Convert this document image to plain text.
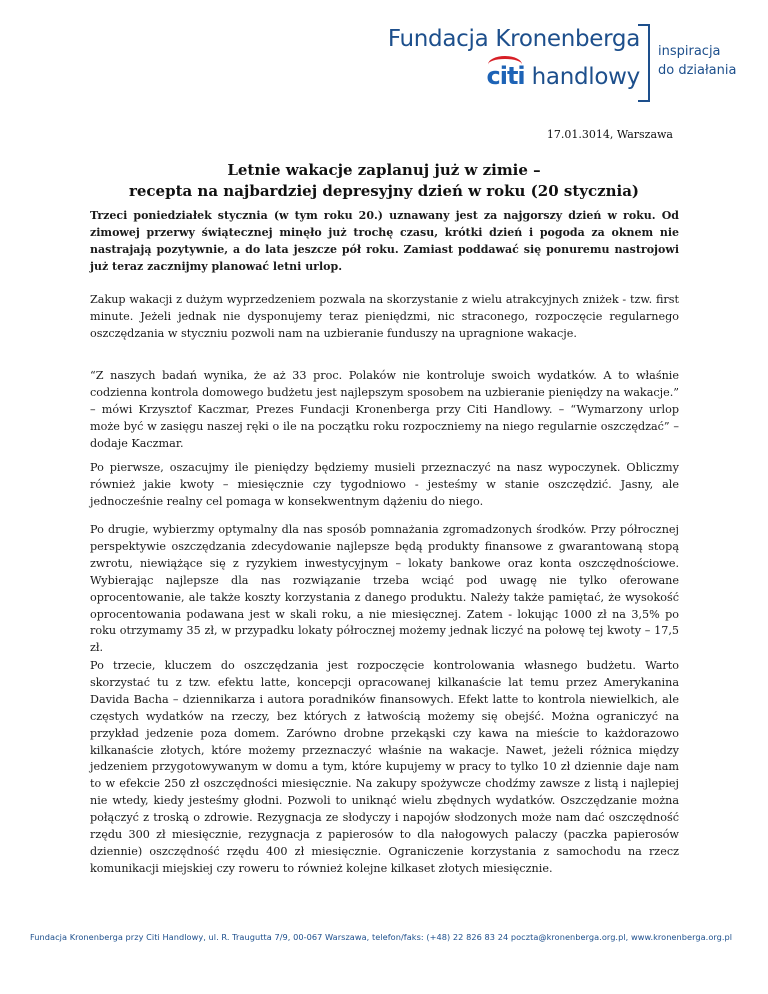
Fundacja Kronenberga
citi handlowy
inspiracja
do działania
17.01.3014, Warszawa
Letnie wakacje zaplanuj już w zimie –
recepta na najbardziej depresyjny dzień w roku (20 stycznia)

Trzeci poniedziałek stycznia (w tym roku 20.) uznawany jest za najgorszy dzień w roku. Od zimowej przerwy świątecznej minęło już trochę czasu, krótki dzień i pogoda za oknem nie nastrajają pozytywnie, a do lata jeszcze pół roku. Zamiast poddawać się ponuremu nastrojowi już teraz zacznijmy planować letni urlop.

Zakup wakacji z dużym wyprzedzeniem pozwala na skorzystanie z wielu atrakcyjnych zniżek - tzw. first minute. Jeżeli jednak nie dysponujemy teraz pieniędzmi, nic straconego, rozpoczęcie regularnego oszczędzania w styczniu pozwoli nam na uzbieranie funduszy na upragnione wakacje.

“Z naszych badań wynika, że aż 33 proc. Polaków nie kontroluje swoich wydatków. A to właśnie codzienna kontrola domowego budżetu jest najlepszym sposobem na uzbieranie pieniędzy na wakacje.” – mówi Krzysztof Kaczmar, Prezes Fundacji Kronenberga przy Citi Handlowy. – “Wymarzony urlop może być w zasięgu naszej ręki o ile na początku roku rozpoczniemy na niego regularnie oszczędzać” – dodaje Kaczmar.

Po pierwsze, oszacujmy ile pieniędzy będziemy musieli przeznaczyć na nasz wypoczynek. Obliczmy również jakie kwoty – miesięcznie czy tygodniowo - jesteśmy w stanie oszczędzić. Jasny, ale jednocześnie realny cel pomaga w konsekwentnym dążeniu do niego.

Po drugie, wybierzmy optymalny dla nas sposób pomnażania zgromadzonych środków. Przy półrocznej perspektywie oszczędzania zdecydowanie najlepsze będą produkty finansowe z gwarantowaną stopą zwrotu, niewiążące się z ryzykiem inwestycyjnym – lokaty bankowe oraz konta oszczędnościowe. Wybierając najlepsze dla nas rozwiązanie trzeba wciąć pod uwagę nie tylko oferowane oprocentowanie, ale także koszty korzystania z danego produktu. Należy także pamiętać, że wysokość oprocentowania podawana jest w skali roku, a nie miesięcznej. Zatem - lokując 1000 zł na 3,5% po roku otrzymamy 35 zł, w przypadku lokaty półrocznej możemy jednak liczyć na połowę tej kwoty – 17,5 zł.

Po trzecie, kluczem do oszczędzania jest rozpoczęcie kontrolowania własnego budżetu. Warto skorzystać tu z tzw. efektu latte, koncepcji opracowanej kilkanaście lat temu przez Amerykanina Davida Bacha – dziennikarza i autora poradników finansowych. Efekt latte to kontrola niewielkich, ale częstych wydatków na rzeczy, bez których z łatwością możemy się obejść. Można ograniczyć na przykład jedzenie poza domem. Zarówno drobne przekąski czy kawa na mieście to każdorazowo kilkanaście złotych, które możemy przeznaczyć właśnie na wakacje. Nawet, jeżeli różnica między jedzeniem przygotowywanym w domu a tym, które kupujemy w pracy to tylko 10 zł dziennie daje nam to w efekcie 250 zł oszczędności miesięcznie. Na zakupy spożywcze chodźmy zawsze z listą i najlepiej nie wtedy, kiedy jesteśmy głodni. Pozwoli to uniknąć wielu zbędnych wydatków. Oszczędzanie można połączyć z troską o zdrowie. Rezygnacja ze słodyczy i napojów słodzonych może nam dać oszczędność rzędu 300 zł miesięcznie, rezygnacja z papierosów to dla nałogowych palaczy (paczka papierosów dziennie) oszczędność rzędu 400 zł miesięcznie. Ograniczenie korzystania z samochodu na rzecz komunikacji miejskiej czy roweru to również kolejne kilkaset złotych miesięcznie.

Fundacja Kronenberga przy Citi Handlowy, ul. R. Traugutta 7/9, 00-067 Warszawa, telefon/faks: (+48) 22 826 83 24 poczta@kronenberga.org.pl, www.kronenberga.org.pl
